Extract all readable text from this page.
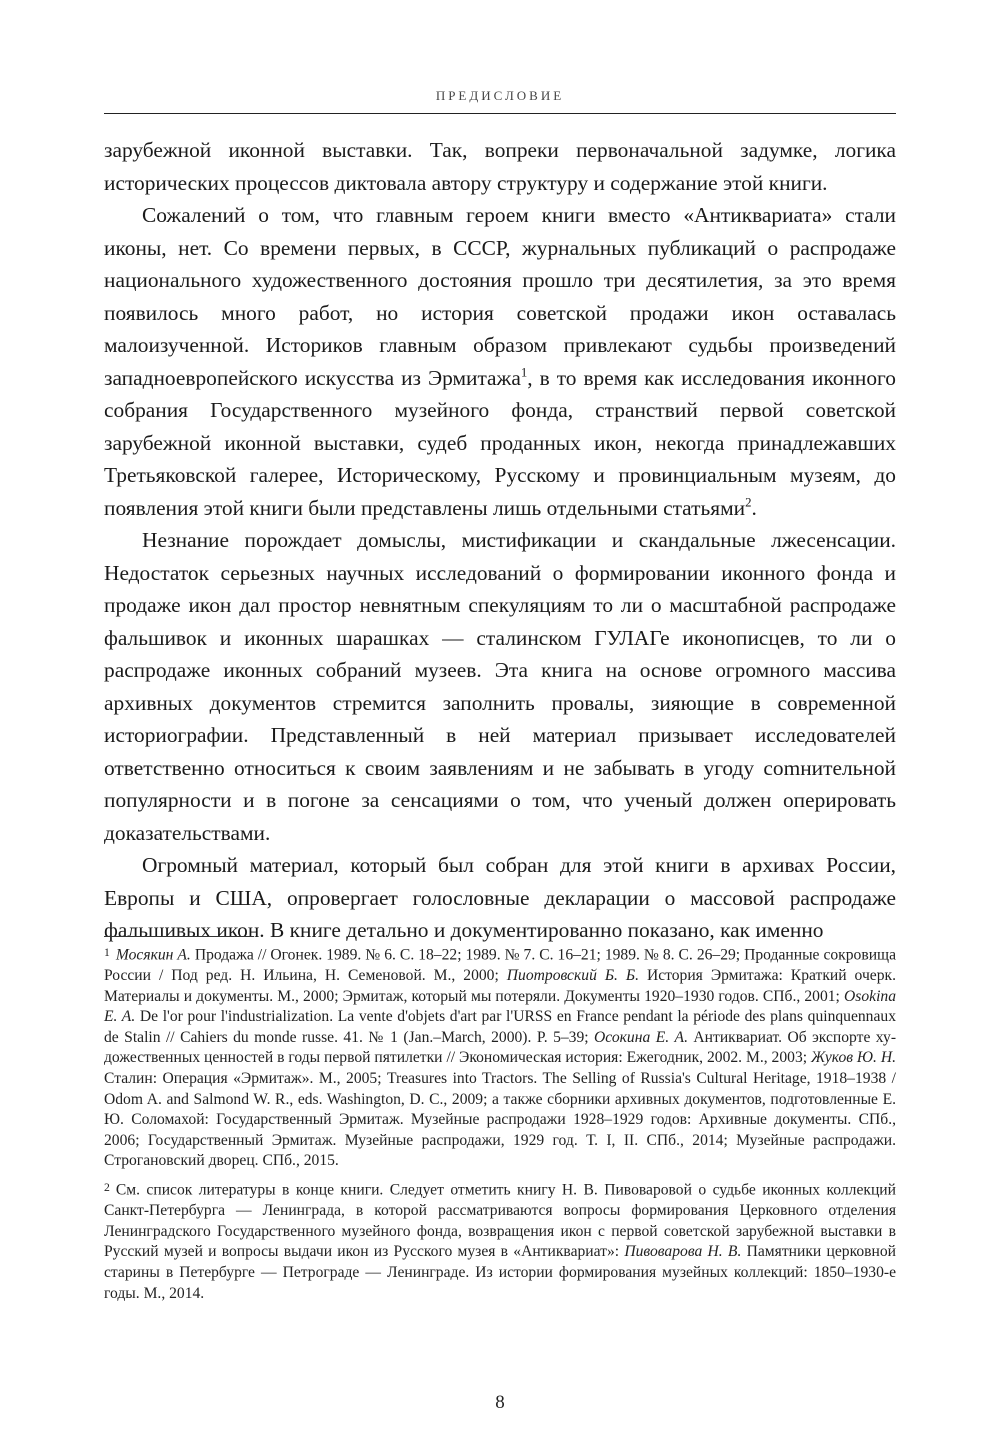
ПРЕДИСЛОВИЕ

зарубежной иконной выставки. Так, вопреки первоначальной задумке, логика исторических процессов диктовала автору структуру и содержание этой книги.

Сожалений о том, что главным героем книги вместо «Антиквариата» стали иконы, нет. Со времени первых, в СССР, журнальных публикаций о распродаже национального художественного достояния прошло три десятилетия, за это время появилось много работ, но история советской продажи икон оставалась малоизученной. Историков главным образом привлекают судьбы произведений западноевропейского искусства из Эрмитажа$^1$, в то время как исследования иконного собрания Государственного музейного фонда, странствий первой советской зарубежной иконной выставки, судеб проданных икон, некогда принадлежавших Третьяковской галерее, Историческому, Русскому и провинциальным музеям, до появления этой книги были представлены лишь отдельными статьями$^2$.

Незнание порождает домыслы, мистификации и скандальные лжесенсации. Недостаток серьезных научных исследований о формировании иконного фонда и продаже икон дал простор невнятным спекуляциям то ли о масштабной распродаже фальшивок и иконных шарашках — сталинском ГУЛАГе иконописцев, то ли о распродаже иконных собраний музеев. Эта книга на основе огромного массива архивных документов стремится заполнить провалы, зияющие в современной историографии. Представленный в ней материал призывает исследователей ответственно относиться к своим заявлениям и не забывать в угоду соmнительной популярности и в погоне за сенсациями о том, что ученый должен оперировать доказательствами.

Огромный материал, который был собран для этой книги в архивах России, Европы и США, опровергает голословные декларации о массовой распродаже фальшивых икон. В книге детально и документированно показано, как именно

$^1$ Мосякин А. Продажа // Огонек. 1989. № 6. С. 18–22; 1989. № 7. С. 16–21; 1989. № 8. С. 26–29; Проданные сокровища России / Под ред. Н. Ильина, Н. Семеновой. М., 2000; Пиотровский Б. Б. История Эрмитажа: Краткий очерк. Материалы и документы. М., 2000; Эрмитаж, который мы потеряли. Документы 1920–1930 годов. СПб., 2001; Osokina E. A. De l'or pour l'industrialization. La vente d'objets d'art par l'URSS en France pendant la période des plans quinquennaux de Stalin // Cahiers du monde russe. 41. № 1 (Jan.–March, 2000). P. 5–39; Осокина Е. А. Антиквариат. Об экспорте художественных ценностей в годы первой пятилетки // Экономическая история: Ежегодник, 2002. М., 2003; Жуков Ю. Н. Сталин: Операция «Эрмитаж». М., 2005; Treasures into Tractors. The Selling of Russia's Cultural Heritage, 1918–1938 / Odom A. and Salmond W. R., eds. Washington, D. C., 2009; а также сборники архивных документов, подготовленные Е. Ю. Соломахой: Государственный Эрмитаж. Музейные распродажи 1928–1929 годов: Архивные документы. СПб., 2006; Государственный Эрмитаж. Музейные распродажи, 1929 год. Т. I, II. СПб., 2014; Музейные распродажи. Строгановский дворец. СПб., 2015.

$^2$ См. список литературы в конце книги. Следует отметить книгу Н. В. Пивоваровой о судьбе иконных коллекций Санкт-Петербурга — Ленинграда, в которой рассматриваются вопросы формирования Церковного отделения Ленинградского Государственного музейного фонда, возвращения икон с первой советской зарубежной выставки в Русский музей и вопросы выдачи икон из Русского музея в «Антиквариат»: Пивоварова Н. В. Памятники церковной старины в Петербурге — Петрограде — Ленинграде. Из истории формирования музейных коллекций: 1850–1930-е годы. М., 2014.

8
